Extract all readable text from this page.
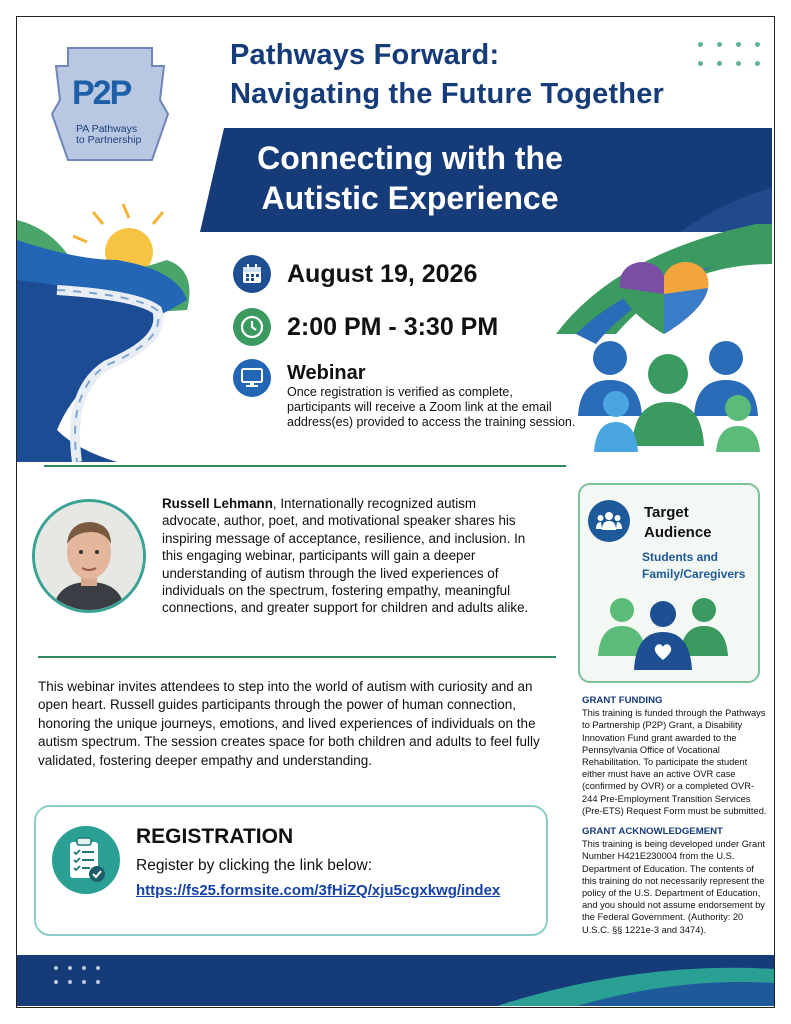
P2P
PA Pathways
to Partnership
Pathways Forward:
Navigating the Future Together
Connecting with the
Autistic Experience
August 19, 2026
2:00 PM - 3:30 PM
Webinar
Once registration is verified as complete, participants will receive a Zoom link at the email address(es) provided to access the training session.
Russell Lehmann, Internationally recognized autism advocate, author, poet, and motivational speaker shares his inspiring message of acceptance, resilience, and inclusion. In this engaging webinar, participants will gain a deeper understanding of autism through the lived experiences of individuals on the spectrum, fostering empathy, meaningful connections, and greater support for children and adults alike.
This webinar invites attendees to step into the world of autism with curiosity and an open heart. Russell guides participants through the power of human connection, honoring the unique journeys, emotions, and lived experiences of individuals on the autism spectrum. The session creates space for both children and adults to feel fully validated, fostering deeper empathy and understanding.
Target
Audience
Students and
Family/Caregivers
GRANT FUNDING
This training is funded through the Pathways to Partnership (P2P) Grant, a Disability Innovation Fund grant awarded to the Pennsylvania Office of Vocational Rehabilitation. To participate the student either must have an active OVR case (confirmed by OVR) or a completed OVR-244 Pre-Employment Transition Services (Pre-ETS) Request Form must be submitted.
GRANT ACKNOWLEDGEMENT
This training is being developed under Grant Number H421E230004 from the U.S. Department of Education. The contents of this training do not necessarily represent the policy of the U.S. Department of Education, and you should not assume endorsement by the Federal Government. (Authority: 20 U.S.C. §§ 1221e-3 and 3474).
REGISTRATION
Register by clicking the link below:
https://fs25.formsite.com/3fHiZQ/xju5cgxkwg/index
